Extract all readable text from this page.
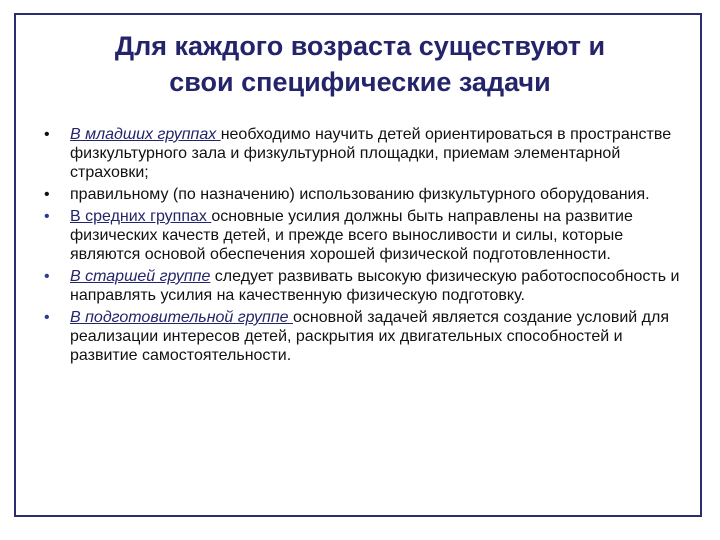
Для каждого возраста существуют и
свои специфические задачи
•	В младших группах необходимо научить детей ориентироваться в пространстве физкультурного зала и физкультурной площадки, приемам элементарной страховки;
•	правильному (по назначению) использованию физкультурного оборудования.
•	В средних группах основные усилия должны быть направлены на развитие физических качеств детей, и прежде всего выносливости и силы, которые являются основой обеспечения хорошей физической подготовленности.
•	В старшей группе следует развивать высокую физическую работоспособность и направлять усилия на качественную физическую подготовку.
•	В подготовительной группе основной задачей является создание условий для реализации интересов детей, раскрытия их двигательных способностей и развитие самостоятельности.
